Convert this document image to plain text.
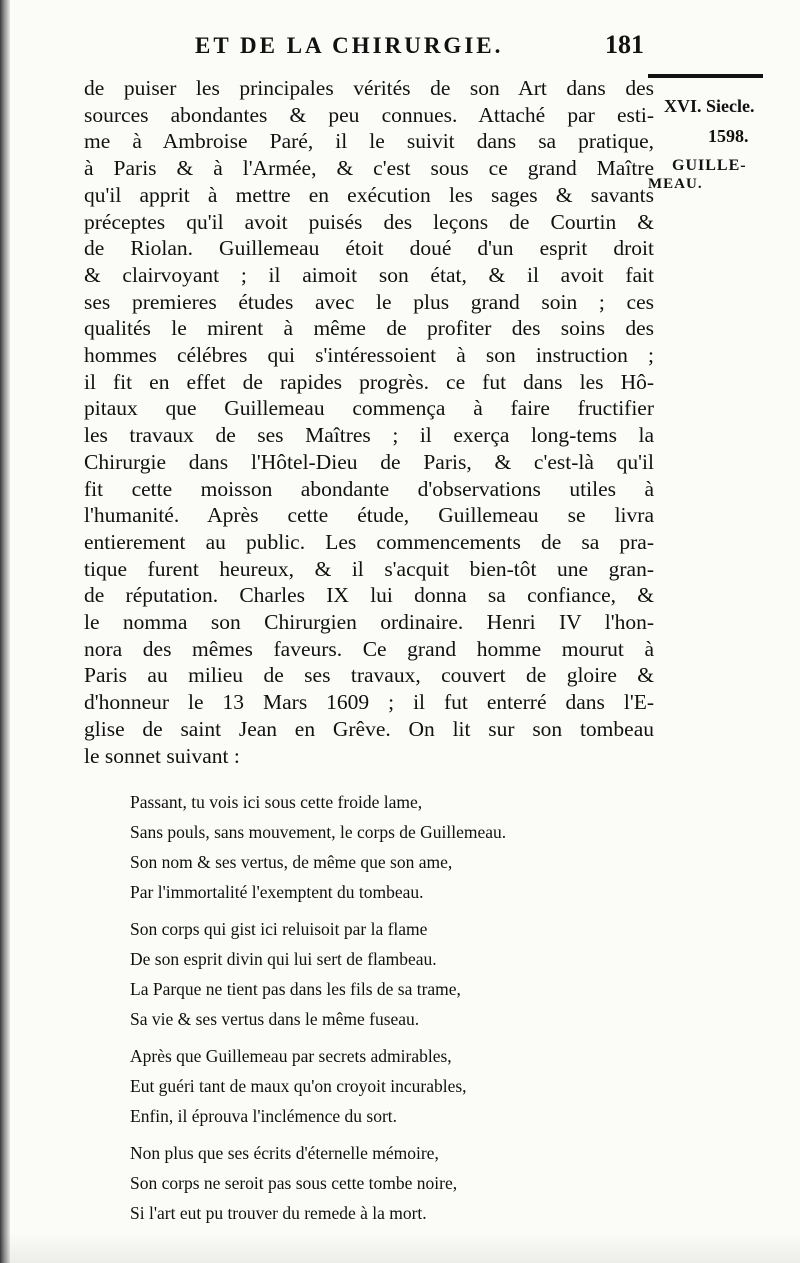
ET DE LA CHIRURGIE.	181
XVI. Siecle.
1598.
GUILLE-
MEAU.
de puiser les principales vérités de son Art dans des
sources abondantes & peu connues. Attaché par esti-
me à Ambroise Paré, il le suivit dans sa pratique,
à Paris & à l'Armée, & c'est sous ce grand Maître
qu'il apprit à mettre en exécution les sages & savants
préceptes qu'il avoit puisés des leçons de Courtin &
de Riolan. Guillemeau étoit doué d'un esprit droit
& clairvoyant ; il aimoit son état, & il avoit fait
ses premieres études avec le plus grand soin ; ces
qualités le mirent à même de profiter des soins des
hommes célébres qui s'intéressoient à son instruction ;
il fit en effet de rapides progrès. ce fut dans les Hô-
pitaux que Guillemeau commença à faire fructifier
les travaux de ses Maîtres ; il exerça long-tems la
Chirurgie dans l'Hôtel-Dieu de Paris, & c'est-là qu'il
fit cette moisson abondante d'observations utiles à
l'humanité. Après cette étude, Guillemeau se livra
entierement au public. Les commencements de sa pra-
tique furent heureux, & il s'acquit bien-tôt une gran-
de réputation. Charles IX lui donna sa confiance, &
le nomma son Chirurgien ordinaire. Henri IV l'hon-
nora des mêmes faveurs. Ce grand homme mourut à
Paris au milieu de ses travaux, couvert de gloire &
d'honneur le 13 Mars 1609 ; il fut enterré dans l'E-
glise de saint Jean en Grêve. On lit sur son tombeau
le sonnet suivant :
Passant, tu vois ici sous cette froide lame,
Sans pouls, sans mouvement, le corps de Guillemeau.
Son nom & ses vertus, de même que son ame,
Par l'immortalité l'exemptent du tombeau.
Son corps qui gist ici reluisoit par la flame
De son esprit divin qui lui sert de flambeau.
La Parque ne tient pas dans les fils de sa trame,
Sa vie & ses vertus dans le même fuseau.
Après que Guillemeau par secrets admirables,
Eut guéri tant de maux qu'on croyoit incurables,
Enfin, il éprouva l'inclémence du sort.
Non plus que ses écrits d'éternelle mémoire,
Son corps ne seroit pas sous cette tombe noire,
Si l'art eut pu trouver du remede à la mort.
